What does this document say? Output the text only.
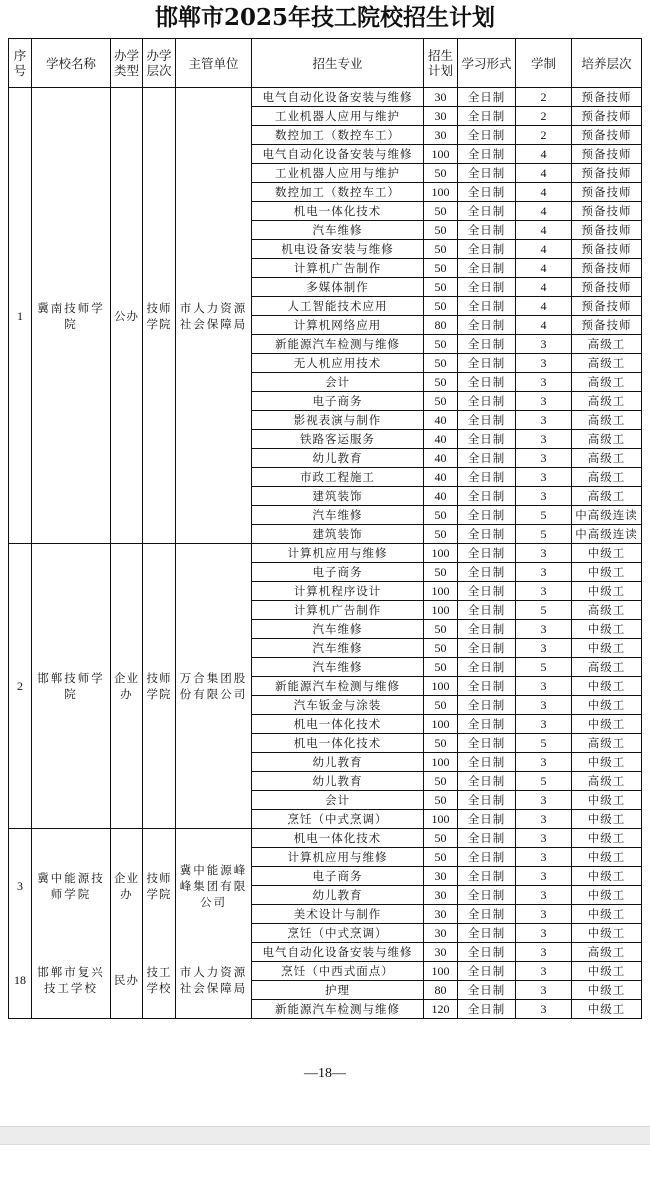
邯郸市2025年技工院校招生计划
序号	学校名称	办学类型	办学层次	主管单位	招生专业	招生计划	学习形式	学制	培养层次
1	冀南技师学院	公办	技师学院	市人力资源社会保障局	电气自动化设备安装与维修	30	全日制	2	预备技师
					工业机器人应用与维护	30	全日制	2	预备技师
					数控加工（数控车工）	30	全日制	2	预备技师
					电气自动化设备安装与维修	100	全日制	4	预备技师
					工业机器人应用与维护	50	全日制	4	预备技师
					数控加工（数控车工）	100	全日制	4	预备技师
					机电一体化技术	50	全日制	4	预备技师
					汽车维修	50	全日制	4	预备技师
					机电设备安装与维修	50	全日制	4	预备技师
					计算机广告制作	50	全日制	4	预备技师
					多媒体制作	50	全日制	4	预备技师
					人工智能技术应用	50	全日制	4	预备技师
					计算机网络应用	80	全日制	4	预备技师
					新能源汽车检测与维修	50	全日制	3	高级工
					无人机应用技术	50	全日制	3	高级工
					会计	50	全日制	3	高级工
					电子商务	50	全日制	3	高级工
					影视表演与制作	40	全日制	3	高级工
					铁路客运服务	40	全日制	3	高级工
					幼儿教育	40	全日制	3	高级工
					市政工程施工	40	全日制	3	高级工
					建筑装饰	40	全日制	3	高级工
					汽车维修	50	全日制	5	中高级连读
					建筑装饰	50	全日制	5	中高级连读
2	邯郸技师学院	企业办	技师学院	万合集团股份有限公司	计算机应用与维修	100	全日制	3	中级工
					电子商务	50	全日制	3	中级工
					计算机程序设计	100	全日制	3	中级工
					计算机广告制作	100	全日制	5	高级工
					汽车维修	50	全日制	3	中级工
					汽车维修	50	全日制	3	中级工
					汽车维修	50	全日制	5	高级工
					新能源汽车检测与维修	100	全日制	3	中级工
					汽车钣金与涂装	50	全日制	3	中级工
					机电一体化技术	100	全日制	3	中级工
					机电一体化技术	50	全日制	5	高级工
					幼儿教育	100	全日制	3	中级工
					幼儿教育	50	全日制	5	高级工
					会计	50	全日制	3	中级工
					烹饪（中式烹调）	100	全日制	3	中级工
3	冀中能源技师学院	企业办	技师学院	冀中能源峰峰集团有限公司	机电一体化技术	50	全日制	3	中级工
					计算机应用与维修	50	全日制	3	中级工
					电子商务	30	全日制	3	中级工
					幼儿教育	30	全日制	3	中级工
					美术设计与制作	30	全日制	3	中级工
					烹饪（中式烹调）	30	全日制	3	中级工
18	邯郸市复兴技工学校	民办	技工学校	市人力资源社会保障局	电气自动化设备安装与维修	30	全日制	3	高级工
					烹饪（中西式面点）	100	全日制	3	中级工
					护理	80	全日制	3	中级工
					新能源汽车检测与维修	120	全日制	3	中级工
—18—
